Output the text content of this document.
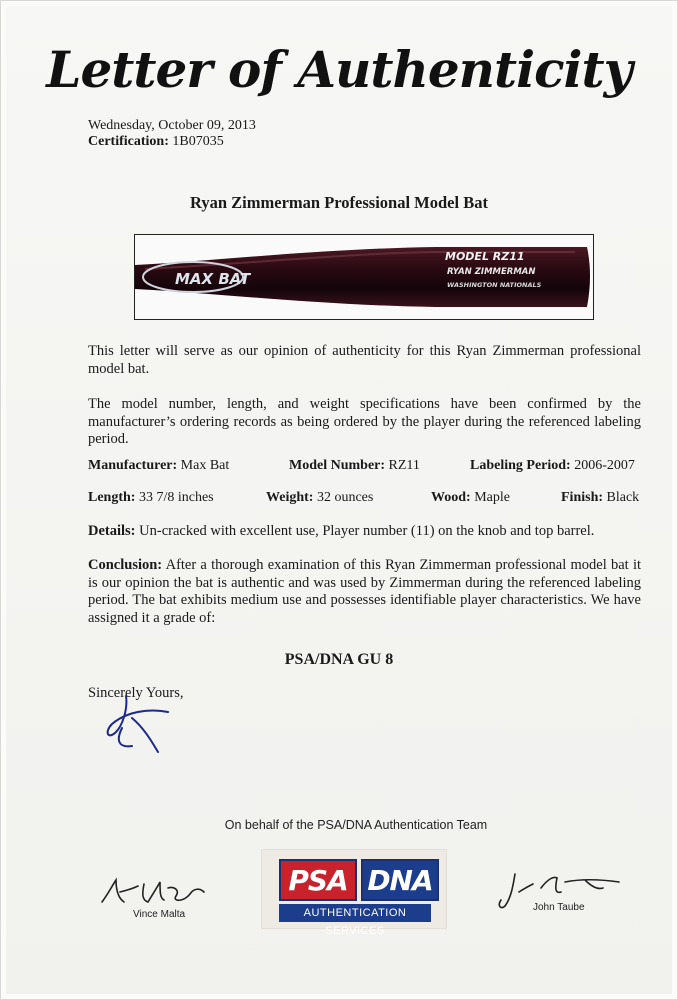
Letter of Authenticity
Wednesday, October 09, 2013
Certification: 1B07035
Ryan Zimmerman Professional Model Bat
MAX BAT
MODEL RZ11
RYAN ZIMMERMAN
WASHINGTON NATIONALS
This letter will serve as our opinion of authenticity for this Ryan Zimmerman professional model bat.
The model number, length, and weight specifications have been confirmed by the manufacturer’s ordering records as being ordered by the player during the referenced labeling period.
Manufacturer: Max Bat	Model Number: RZ11	Labeling Period: 2006-2007
Length: 33 7/8 inches	Weight: 32 ounces	Wood: Maple	Finish: Black
Details: Un-cracked with excellent use, Player number (11) on the knob and top barrel.
Conclusion: After a thorough examination of this Ryan Zimmerman professional model bat it is our opinion the bat is authentic and was used by Zimmerman during the referenced labeling period. The bat exhibits medium use and possesses identifiable player characteristics. We have assigned it a grade of:
PSA/DNA GU 8
Sincerely Yours,
On behalf of the PSA/DNA Authentication Team
Vince Malta
PSA DNA
AUTHENTICATION SERVICES
John Taube
